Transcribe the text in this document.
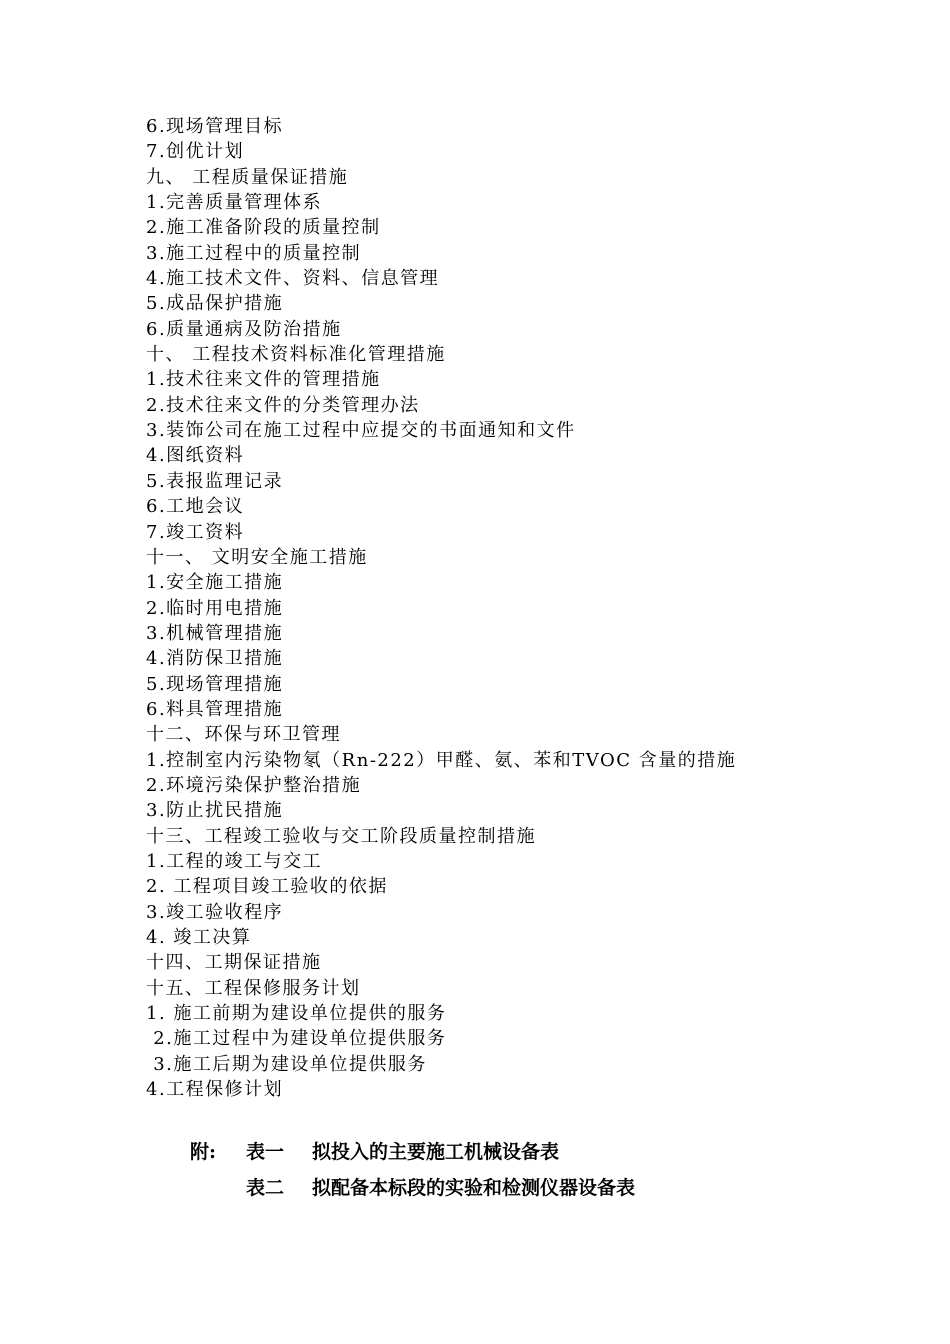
6.现场管理目标
7.创优计划
九、 工程质量保证措施
1.完善质量管理体系
2.施工准备阶段的质量控制
3.施工过程中的质量控制
4.施工技术文件、资料、信息管理
5.成品保护措施
6.质量通病及防治措施
十、 工程技术资料标准化管理措施
1.技术往来文件的管理措施
2.技术往来文件的分类管理办法
3.装饰公司在施工过程中应提交的书面通知和文件
4.图纸资料
5.表报监理记录
6.工地会议
7.竣工资料
十一、 文明安全施工措施
1.安全施工措施
2.临时用电措施
3.机械管理措施
4.消防保卫措施
5.现场管理措施
6.料具管理措施
十二、环保与环卫管理
1.控制室内污染物氡（Rn-222）甲醛、氨、苯和TVOC 含量的措施
2.环境污染保护整治措施
3.防止扰民措施
十三、工程竣工验收与交工阶段质量控制措施
1.工程的竣工与交工
2. 工程项目竣工验收的依据
3.竣工验收程序
4. 竣工决算
十四、工期保证措施
十五、工程保修服务计划
1. 施工前期为建设单位提供的服务
2.施工过程中为建设单位提供服务
3.施工后期为建设单位提供服务
4.工程保修计划
附: 表一 拟投入的主要施工机械设备表
表二 拟配备本标段的实验和检测仪器设备表
